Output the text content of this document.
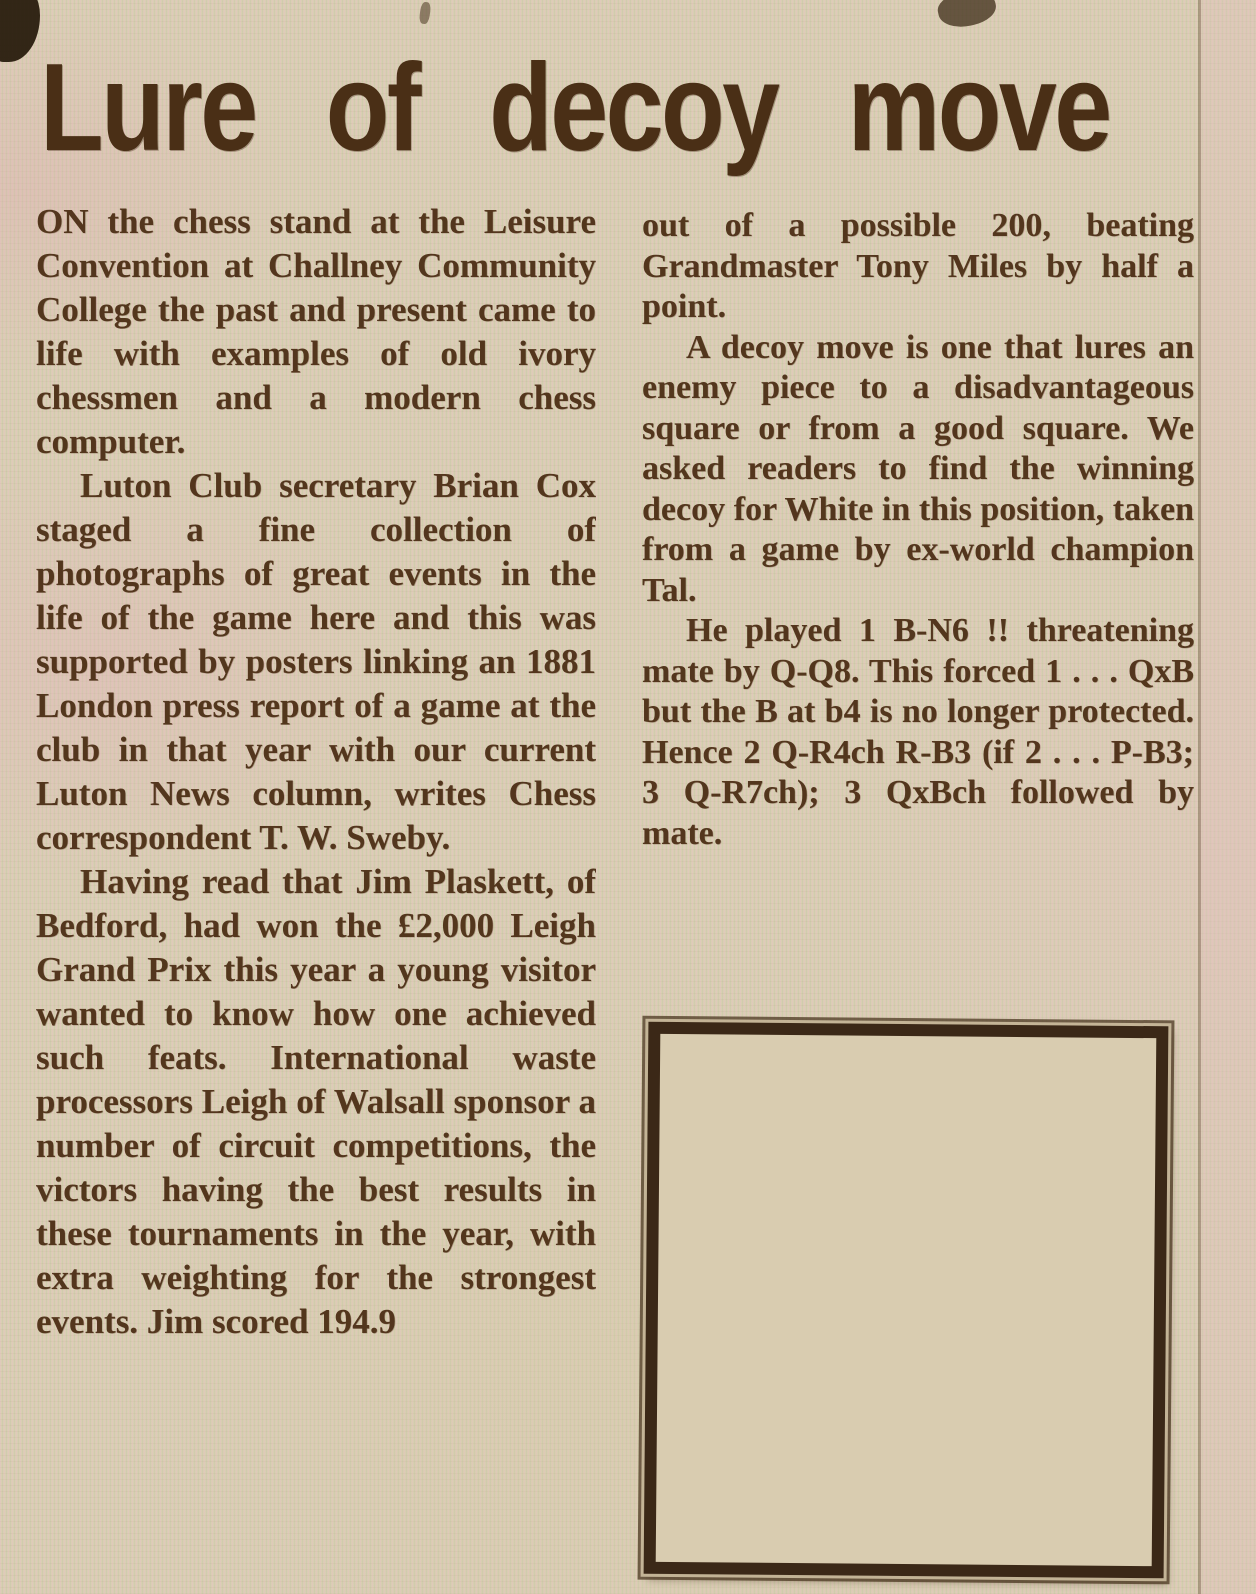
Lure of decoy move

ON the chess stand at the Leisure Convention at Challney Community College the past and present came to life with examples of old ivory chessmen and a modern chess computer.

Luton Club secretary Brian Cox staged a fine collection of photographs of great events in the life of the game here and this was supported by posters linking an 1881 London press report of a game at the club in that year with our current Luton News column, writes Chess correspondent T. W. Sweby.

Having read that Jim Plaskett, of Bedford, had won the £2,000 Leigh Grand Prix this year a young visitor wanted to know how one achieved such feats. International waste processors Leigh of Walsall sponsor a number of circuit competitions, the victors having the best results in these tournaments in the year, with extra weighting for the strongest events. Jim scored 194.9

out of a possible 200, beating Grandmaster Tony Miles by half a point.

A decoy move is one that lures an enemy piece to a disadvantageous square or from a good square. We asked readers to find the winning decoy for White in this position, taken from a game by ex-world champion Tal.

He played 1 B-N6 !! threatening mate by Q-Q8. This forced 1 . . . QxB but the B at b4 is no longer protected. Hence 2 Q-R4ch R-B3 (if 2 . . . P-B3; 3 Q-R7ch); 3 QxBch followed by mate.
